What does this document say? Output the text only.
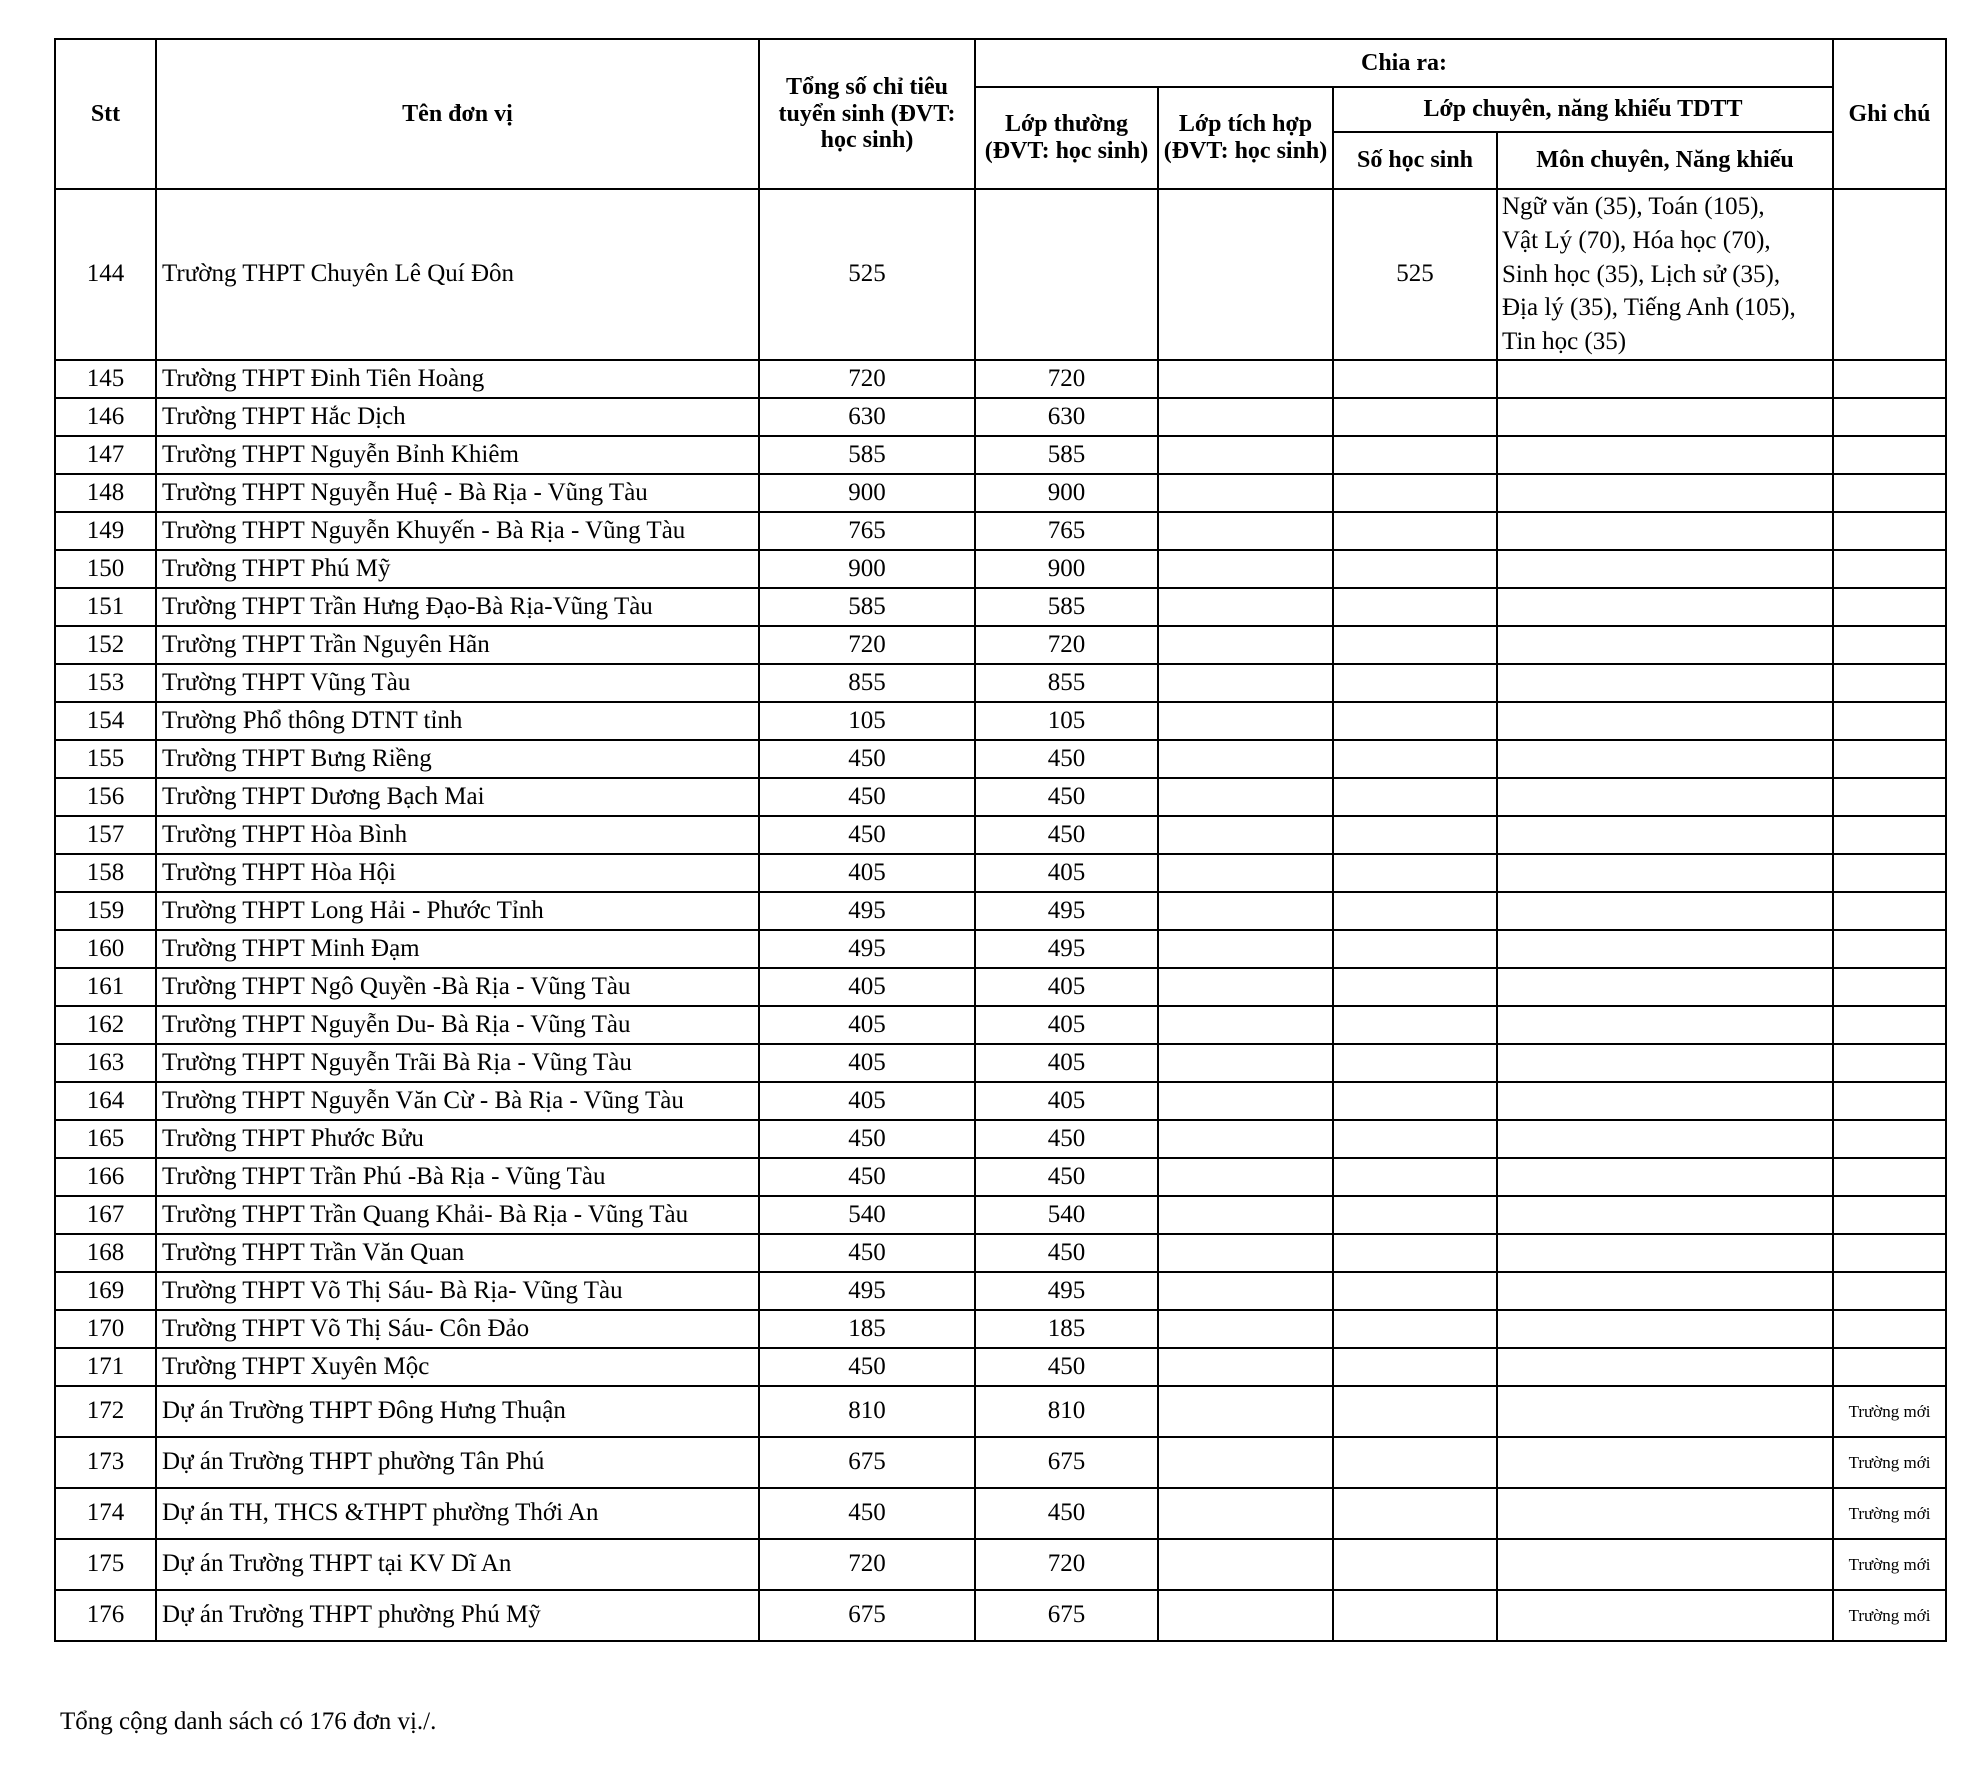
Stt	Tên đơn vị	Tổng số chỉ tiêu tuyển sinh (ĐVT: học sinh)	Chia ra:				Ghi chú
			Lớp thường (ĐVT: học sinh)	Lớp tích hợp (ĐVT: học sinh)	Lớp chuyên, năng khiếu TDTT		
					Số học sinh	Môn chuyên, Năng khiếu	
144	Trường THPT Chuyên Lê Quí Đôn	525			525	Ngữ văn (35), Toán (105),
Vật Lý (70), Hóa học (70),
Sinh học (35), Lịch sử (35),
Địa lý (35), Tiếng Anh (105),
Tin học (35)	
145	Trường THPT Đinh Tiên Hoàng	720	720				
146	Trường THPT Hắc Dịch	630	630				
147	Trường THPT Nguyễn Bỉnh Khiêm	585	585				
148	Trường THPT Nguyễn Huệ - Bà Rịa - Vũng Tàu	900	900				
149	Trường THPT Nguyễn Khuyến - Bà Rịa - Vũng Tàu	765	765				
150	Trường THPT Phú Mỹ	900	900				
151	Trường THPT Trần Hưng Đạo-Bà Rịa-Vũng Tàu	585	585				
152	Trường THPT Trần Nguyên Hãn	720	720				
153	Trường THPT Vũng Tàu	855	855				
154	Trường Phổ thông DTNT tỉnh	105	105				
155	Trường THPT Bưng Riềng	450	450				
156	Trường THPT Dương Bạch Mai	450	450				
157	Trường THPT Hòa Bình	450	450				
158	Trường THPT Hòa Hội	405	405				
159	Trường THPT Long Hải - Phước Tỉnh	495	495				
160	Trường THPT Minh Đạm	495	495				
161	Trường THPT Ngô Quyền -Bà Rịa - Vũng Tàu	405	405				
162	Trường THPT Nguyễn Du- Bà Rịa - Vũng Tàu	405	405				
163	Trường THPT Nguyễn Trãi Bà Rịa - Vũng Tàu	405	405				
164	Trường THPT Nguyễn Văn Cừ - Bà Rịa - Vũng Tàu	405	405				
165	Trường THPT Phước Bửu	450	450				
166	Trường THPT Trần Phú -Bà Rịa - Vũng Tàu	450	450				
167	Trường THPT Trần Quang Khải- Bà Rịa - Vũng Tàu	540	540				
168	Trường THPT Trần Văn Quan	450	450				
169	Trường THPT Võ Thị Sáu- Bà Rịa- Vũng Tàu	495	495				
170	Trường THPT Võ Thị Sáu- Côn Đảo	185	185				
171	Trường THPT Xuyên Mộc	450	450				
172	Dự án Trường THPT Đông Hưng Thuận	810	810				Trường mới
173	Dự án Trường THPT phường Tân Phú	675	675				Trường mới
174	Dự án TH, THCS &THPT phường Thới An	450	450				Trường mới
175	Dự án Trường THPT tại KV Dĩ An	720	720				Trường mới
176	Dự án Trường THPT phường Phú Mỹ	675	675				Trường mới

Tổng cộng danh sách có 176 đơn vị./.
